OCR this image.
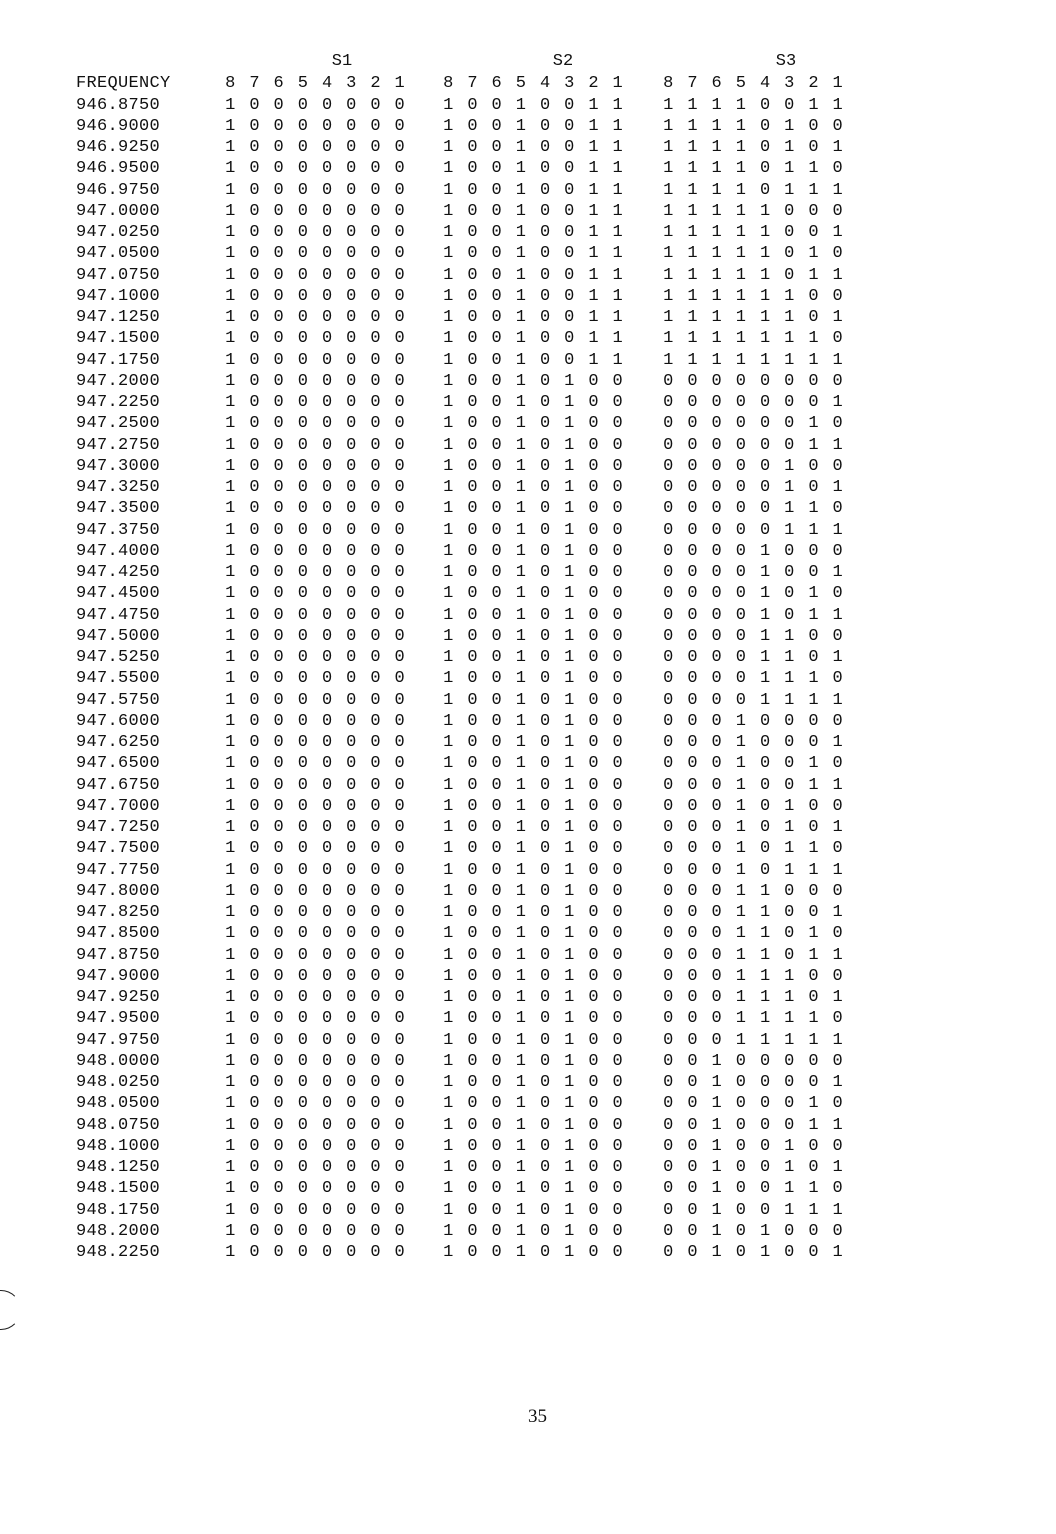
S1	S2	S3
FREQUENCY	8 7 6 5 4 3 2 1	8 7 6 5 4 3 2 1	8 7 6 5 4 3 2 1
946.8750	1 0 0 0 0 0 0 0	1 0 0 1 0 0 1 1	1 1 1 1 0 0 1 1
946.9000	1 0 0 0 0 0 0 0	1 0 0 1 0 0 1 1	1 1 1 1 0 1 0 0
946.9250	1 0 0 0 0 0 0 0	1 0 0 1 0 0 1 1	1 1 1 1 0 1 0 1
946.9500	1 0 0 0 0 0 0 0	1 0 0 1 0 0 1 1	1 1 1 1 0 1 1 0
946.9750	1 0 0 0 0 0 0 0	1 0 0 1 0 0 1 1	1 1 1 1 0 1 1 1
947.0000	1 0 0 0 0 0 0 0	1 0 0 1 0 0 1 1	1 1 1 1 1 0 0 0
947.0250	1 0 0 0 0 0 0 0	1 0 0 1 0 0 1 1	1 1 1 1 1 0 0 1
947.0500	1 0 0 0 0 0 0 0	1 0 0 1 0 0 1 1	1 1 1 1 1 0 1 0
947.0750	1 0 0 0 0 0 0 0	1 0 0 1 0 0 1 1	1 1 1 1 1 0 1 1
947.1000	1 0 0 0 0 0 0 0	1 0 0 1 0 0 1 1	1 1 1 1 1 1 0 0
947.1250	1 0 0 0 0 0 0 0	1 0 0 1 0 0 1 1	1 1 1 1 1 1 0 1
947.1500	1 0 0 0 0 0 0 0	1 0 0 1 0 0 1 1	1 1 1 1 1 1 1 0
947.1750	1 0 0 0 0 0 0 0	1 0 0 1 0 0 1 1	1 1 1 1 1 1 1 1
947.2000	1 0 0 0 0 0 0 0	1 0 0 1 0 1 0 0	0 0 0 0 0 0 0 0
947.2250	1 0 0 0 0 0 0 0	1 0 0 1 0 1 0 0	0 0 0 0 0 0 0 1
947.2500	1 0 0 0 0 0 0 0	1 0 0 1 0 1 0 0	0 0 0 0 0 0 1 0
947.2750	1 0 0 0 0 0 0 0	1 0 0 1 0 1 0 0	0 0 0 0 0 0 1 1
947.3000	1 0 0 0 0 0 0 0	1 0 0 1 0 1 0 0	0 0 0 0 0 1 0 0
947.3250	1 0 0 0 0 0 0 0	1 0 0 1 0 1 0 0	0 0 0 0 0 1 0 1
947.3500	1 0 0 0 0 0 0 0	1 0 0 1 0 1 0 0	0 0 0 0 0 1 1 0
947.3750	1 0 0 0 0 0 0 0	1 0 0 1 0 1 0 0	0 0 0 0 0 1 1 1
947.4000	1 0 0 0 0 0 0 0	1 0 0 1 0 1 0 0	0 0 0 0 1 0 0 0
947.4250	1 0 0 0 0 0 0 0	1 0 0 1 0 1 0 0	0 0 0 0 1 0 0 1
947.4500	1 0 0 0 0 0 0 0	1 0 0 1 0 1 0 0	0 0 0 0 1 0 1 0
947.4750	1 0 0 0 0 0 0 0	1 0 0 1 0 1 0 0	0 0 0 0 1 0 1 1
947.5000	1 0 0 0 0 0 0 0	1 0 0 1 0 1 0 0	0 0 0 0 1 1 0 0
947.5250	1 0 0 0 0 0 0 0	1 0 0 1 0 1 0 0	0 0 0 0 1 1 0 1
947.5500	1 0 0 0 0 0 0 0	1 0 0 1 0 1 0 0	0 0 0 0 1 1 1 0
947.5750	1 0 0 0 0 0 0 0	1 0 0 1 0 1 0 0	0 0 0 0 1 1 1 1
947.6000	1 0 0 0 0 0 0 0	1 0 0 1 0 1 0 0	0 0 0 1 0 0 0 0
947.6250	1 0 0 0 0 0 0 0	1 0 0 1 0 1 0 0	0 0 0 1 0 0 0 1
947.6500	1 0 0 0 0 0 0 0	1 0 0 1 0 1 0 0	0 0 0 1 0 0 1 0
947.6750	1 0 0 0 0 0 0 0	1 0 0 1 0 1 0 0	0 0 0 1 0 0 1 1
947.7000	1 0 0 0 0 0 0 0	1 0 0 1 0 1 0 0	0 0 0 1 0 1 0 0
947.7250	1 0 0 0 0 0 0 0	1 0 0 1 0 1 0 0	0 0 0 1 0 1 0 1
947.7500	1 0 0 0 0 0 0 0	1 0 0 1 0 1 0 0	0 0 0 1 0 1 1 0
947.7750	1 0 0 0 0 0 0 0	1 0 0 1 0 1 0 0	0 0 0 1 0 1 1 1
947.8000	1 0 0 0 0 0 0 0	1 0 0 1 0 1 0 0	0 0 0 1 1 0 0 0
947.8250	1 0 0 0 0 0 0 0	1 0 0 1 0 1 0 0	0 0 0 1 1 0 0 1
947.8500	1 0 0 0 0 0 0 0	1 0 0 1 0 1 0 0	0 0 0 1 1 0 1 0
947.8750	1 0 0 0 0 0 0 0	1 0 0 1 0 1 0 0	0 0 0 1 1 0 1 1
947.9000	1 0 0 0 0 0 0 0	1 0 0 1 0 1 0 0	0 0 0 1 1 1 0 0
947.9250	1 0 0 0 0 0 0 0	1 0 0 1 0 1 0 0	0 0 0 1 1 1 0 1
947.9500	1 0 0 0 0 0 0 0	1 0 0 1 0 1 0 0	0 0 0 1 1 1 1 0
947.9750	1 0 0 0 0 0 0 0	1 0 0 1 0 1 0 0	0 0 0 1 1 1 1 1
948.0000	1 0 0 0 0 0 0 0	1 0 0 1 0 1 0 0	0 0 1 0 0 0 0 0
948.0250	1 0 0 0 0 0 0 0	1 0 0 1 0 1 0 0	0 0 1 0 0 0 0 1
948.0500	1 0 0 0 0 0 0 0	1 0 0 1 0 1 0 0	0 0 1 0 0 0 1 0
948.0750	1 0 0 0 0 0 0 0	1 0 0 1 0 1 0 0	0 0 1 0 0 0 1 1
948.1000	1 0 0 0 0 0 0 0	1 0 0 1 0 1 0 0	0 0 1 0 0 1 0 0
948.1250	1 0 0 0 0 0 0 0	1 0 0 1 0 1 0 0	0 0 1 0 0 1 0 1
948.1500	1 0 0 0 0 0 0 0	1 0 0 1 0 1 0 0	0 0 1 0 0 1 1 0
948.1750	1 0 0 0 0 0 0 0	1 0 0 1 0 1 0 0	0 0 1 0 0 1 1 1
948.2000	1 0 0 0 0 0 0 0	1 0 0 1 0 1 0 0	0 0 1 0 1 0 0 0
948.2250	1 0 0 0 0 0 0 0	1 0 0 1 0 1 0 0	0 0 1 0 1 0 0 1
35
